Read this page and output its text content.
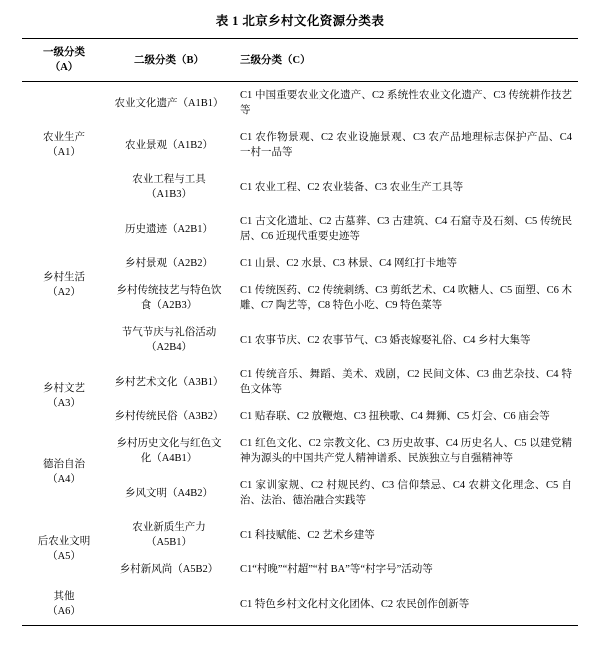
表 1 北京乡村文化资源分类表
一级分类
（A）	二级分类（B）	三级分类（C）

农业生产
（A1）	农业文化遗产（A1B1）	C1 中国重要农业文化遗产、C2 系统性农业文化遗产、C3 传统耕作技艺等
	农业景观（A1B2）	C1 农作物景观、C2 农业设施景观、C3 农产品地理标志保护产品、C4 一村一品等
	农业工程与工具（A1B3）	C1 农业工程、C2 农业装备、C3 农业生产工具等

乡村生活
（A2）	历史遗迹（A2B1）	C1 古文化遗址、C2 古墓葬、C3 古建筑、C4 石窟寺及石刻、C5 传统民居、C6 近现代重要史迹等
	乡村景观（A2B2）	C1 山景、C2 水景、C3 林景、C4 网红打卡地等
	乡村传统技艺与特色饮食（A2B3）	C1 传统医药、C2 传统刺绣、C3 剪纸艺术、C4 吹糖人、C5 面塑、C6 木雕、C7 陶艺等，C8 特色小吃、C9 特色菜等
	节气节庆与礼俗活动（A2B4）	C1 农事节庆、C2 农事节气、C3 婚丧嫁娶礼俗、C4 乡村大集等

乡村文艺
（A3）	乡村艺术文化（A3B1）	C1 传统音乐、舞蹈、美术、戏剧，C2 民间文体、C3 曲艺杂技、C4 特色文体等
	乡村传统民俗（A3B2）	C1 贴春联、C2 放鞭炮、C3 扭秧歌、C4 舞狮、C5 灯会、C6 庙会等

德治自治
（A4）	乡村历史文化与红色文化（A4B1）	C1 红色文化、C2 宗教文化、C3 历史故事、C4 历史名人、C5 以建党精神为源头的中国共产党人精神谱系、民族独立与自强精神等
	乡风文明（A4B2）	C1 家训家规、C2 村规民约、C3 信仰禁忌、C4 农耕文化理念、C5 自治、法治、德治融合实践等

后农业文明
（A5）	农业新质生产力（A5B1）	C1 科技赋能、C2 艺术乡建等
	乡村新风尚（A5B2）	C1“村晚”“村超”“村 BA”等“村字号”活动等

其他
（A6）		C1 特色乡村文化村文化团体、C2 农民创作创新等
